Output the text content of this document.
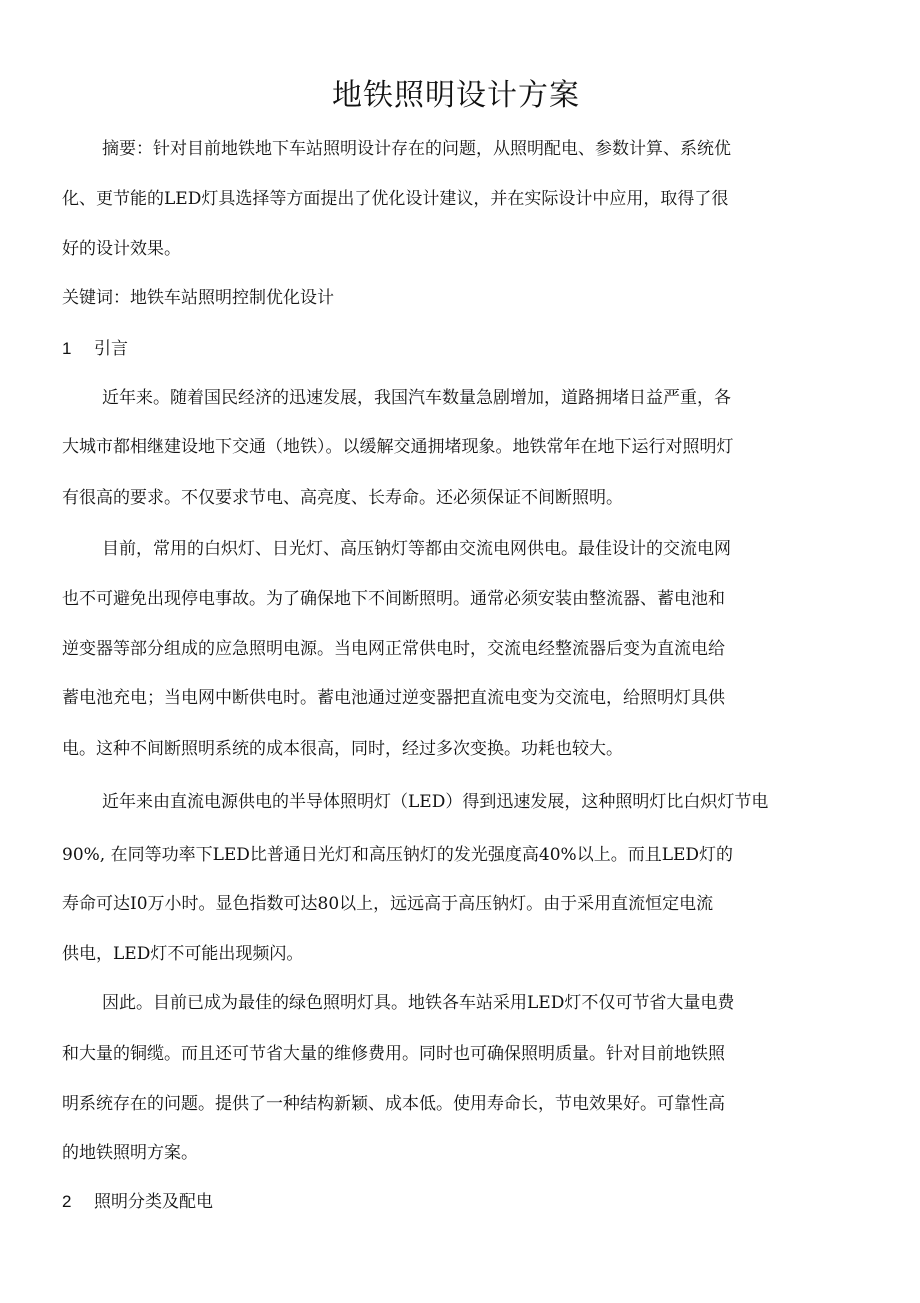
地铁照明设计方案
摘要：针对目前地铁地下车站照明设计存在的问题，从照明配电、参数计算、系统优
化、更节能的LED灯具选择等方面提出了优化设计建议，并在实际设计中应用，取得了很
好的设计效果。
关键词：地铁车站照明控制优化设计
1 引言
近年来。随着国民经济的迅速发展，我国汽车数量急剧增加，道路拥堵日益严重，各
大城市都相继建设地下交通（地铁）。以缓解交通拥堵现象。地铁常年在地下运行对照明灯
有很高的要求。不仅要求节电、高亮度、长寿命。还必须保证不间断照明。
目前，常用的白炽灯、日光灯、高压钠灯等都由交流电网供电。最佳设计的交流电网
也不可避免出现停电事故。为了确保地下不间断照明。通常必须安装由整流器、蓄电池和
逆变器等部分组成的应急照明电源。当电网正常供电时，交流电经整流器后变为直流电给
蓄电池充电；当电网中断供电时。蓄电池通过逆变器把直流电变为交流电，给照明灯具供
电。这种不间断照明系统的成本很高，同时，经过多次变换。功耗也较大。
近年来由直流电源供电的半导体照明灯（LED）得到迅速发展，这种照明灯比白炽灯节电
90%, 在同等功率下LED比普通日光灯和高压钠灯的发光强度高40%以上。而且LED灯的
寿命可达I0万小时。显色指数可达80以上，远远高于高压钠灯。由于采用直流恒定电流
供电，LED灯不可能出现频闪。
因此。目前已成为最佳的绿色照明灯具。地铁各车站采用LED灯不仅可节省大量电费
和大量的铜缆。而且还可节省大量的维修费用。同时也可确保照明质量。针对目前地铁照
明系统存在的问题。提供了一种结构新颖、成本低。使用寿命长，节电效果好。可靠性高
的地铁照明方案。
2 照明分类及配电
